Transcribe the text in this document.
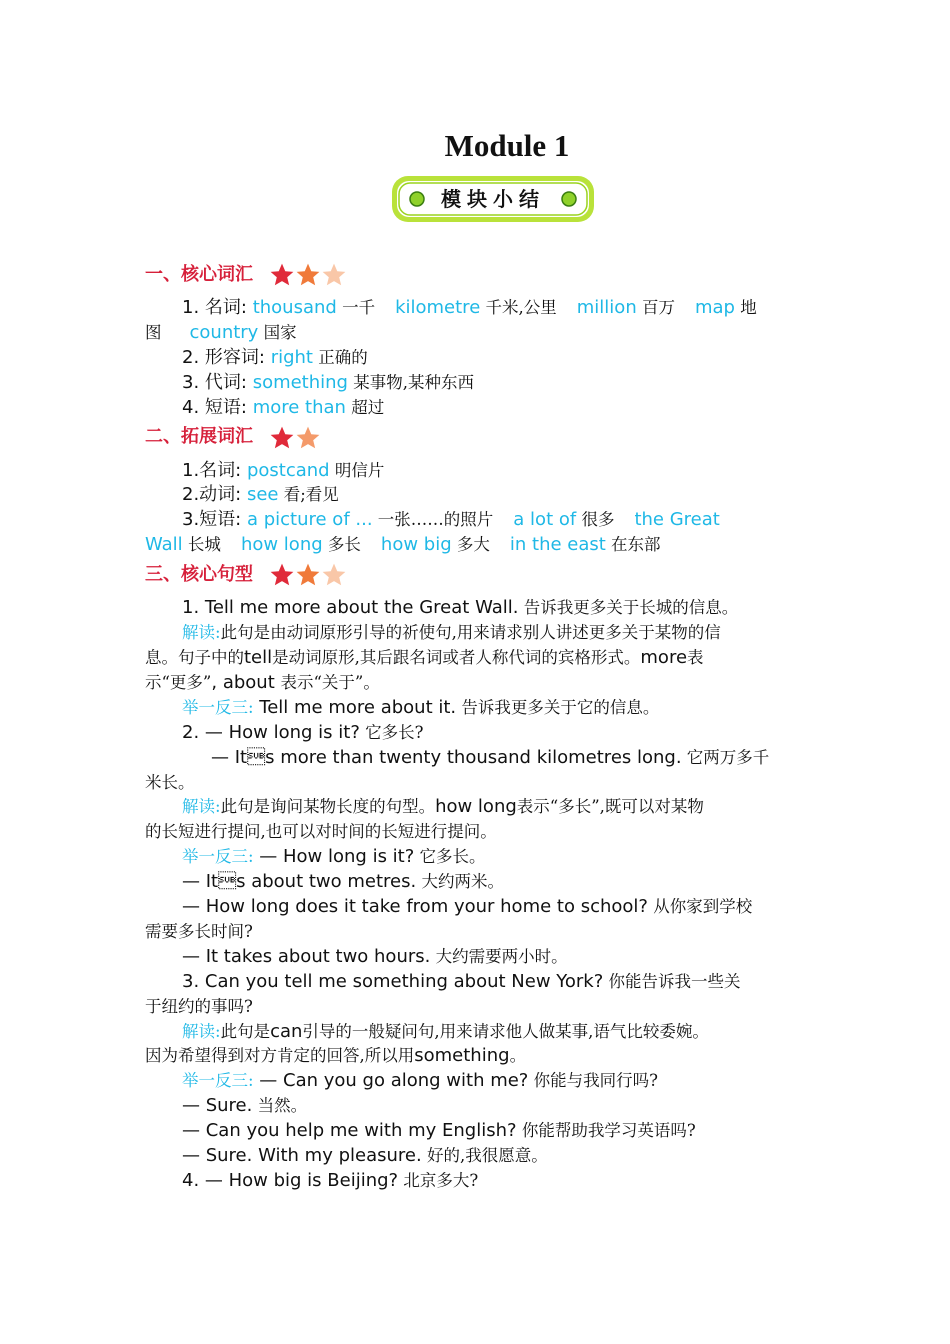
Module 1
模块小结
一、核心词汇
1. 名词: thousand 一千 kilometre 千米,公里 million 百万 map 地
图 country 国家
2. 形容词: right 正确的
3. 代词: something 某事物,某种东西
4. 短语: more than 超过
二、拓展词汇
1.名词: postcand 明信片
2.动词: see 看;看见
3.短语: a picture of ... 一张……的照片 a lot of 很多 the Great
Wall 长城 how long 多长 how big 多大 in the east 在东部
三、核心句型
1. Tell me more about the Great Wall. 告诉我更多关于长城的信息。
解读:此句是由动词原形引导的祈使句,用来请求别人讲述更多关于某物的信
息。句子中的tell是动词原形,其后跟名词或者人称代词的宾格形式。more表
示“更多”, about 表示“关于”。
举一反三: Tell me more about it. 告诉我更多关于它的信息。
2. — How long is it? 它多长?
— Its more than twenty thousand kilometres long. 它两万多千
米长。
解读:此句是询问某物长度的句型。how long表示“多长”,既可以对某物
的长短进行提问,也可以对时间的长短进行提问。
举一反三: — How long is it? 它多长。
— Its about two metres. 大约两米。
— How long does it take from your home to school? 从你家到学校
需要多长时间?
— It takes about two hours. 大约需要两小时。
3. Can you tell me something about New York? 你能告诉我一些关
于纽约的事吗?
解读:此句是can引导的一般疑问句,用来请求他人做某事,语气比较委婉。
因为希望得到对方肯定的回答,所以用something。
举一反三: — Can you go along with me? 你能与我同行吗?
— Sure. 当然。
— Can you help me with my English? 你能帮助我学习英语吗?
— Sure. With my pleasure. 好的,我很愿意。
4. — How big is Beijing? 北京多大?
